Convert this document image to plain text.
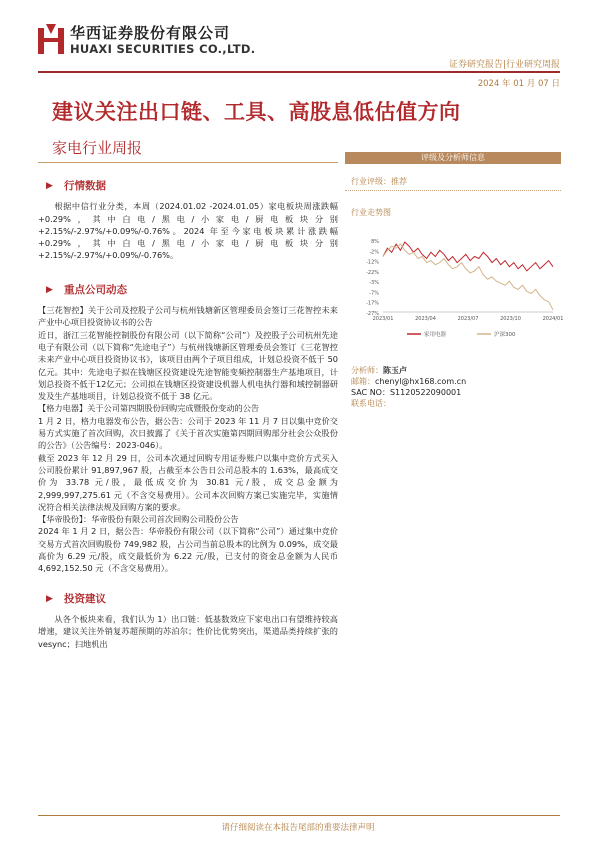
华西证券股份有限公司
HUAXI SECURITIES CO.,LTD.
证券研究报告|行业研究周报
2024 年 01 月 07 日
建议关注出口链、工具、高股息低估值方向
家电行业周报
▶	行情数据

根据中信行业分类，本周（2024.01.02 -2024.01.05）家电板块周涨跌幅+0.29%，其中白电/黑电/小家电/厨电板块分别+2.15%/-2.97%/+0.09%/-0.76%。2024 年至今家电板块累计涨跌幅+0.29%，其中白电/黑电/小家电/厨电板块分别+2.15%/-2.97%/+0.09%/-0.76%。

▶	重点公司动态

【三花智控】关于公司及控股子公司与杭州钱塘新区管理委员会签订三花智控未来产业中心项目投资协议书的公告

近日，浙江三花智能控制股份有限公司（以下简称“公司”）及控股子公司杭州先途电子有限公司（以下简称“先途电子”）与杭州钱塘新区管理委员会签订《三花智控未来产业中心项目投资协议书》，该项目由两个子项目组成，计划总投资不低于 50 亿元。其中：先途电子拟在钱塘区投资建设先途智能变频控制器生产基地项目，计划总投资不低于12亿元；公司拟在钱塘区投资建设机器人机电执行器和域控制器研发及生产基地项目，计划总投资不低于 38 亿元。

【格力电器】关于公司第四期股份回购完成暨股份变动的公告

1 月 2 日，格力电器发布公告，据公告：公司于 2023 年 11 月 7 日以集中竞价交易方式实施了首次回购，次日披露了《关于首次实施第四期回购部分社会公众股份的公告》（公告编号：2023-046）。

截至 2023 年 12 月 29 日，公司本次通过回购专用证券账户以集中竞价方式买入公司股份累计 91,897,967 股，占截至本公告日公司总股本的 1.63%，最高成交价为 33.78 元/股，最低成交价为 30.81 元/股，成交总金额为 2,999,997,275.61 元（不含交易费用）。公司本次回购方案已实施完毕，实施情况符合相关法律法规及回购方案的要求。

【华帝股份】：华帝股份有限公司首次回购公司股份公告

2024 年 1 月 2 日，据公告：华帝股份有限公司（以下简称“公司”）通过集中竞价交易方式首次回购股份 749,982 股，占公司当前总股本的比例为 0.09%，成交最高价为 6.29 元/股，成交最低价为 6.22 元/股，已支付的资金总金额为人民币 4,692,152.50 元（不含交易费用）。

▶	投资建议

从各个板块来看，我们认为 1）出口链：低基数效应下家电出口有望维持较高增速，建议关注外销复苏超预期的苏泊尔；性价比优势突出，渠道品类持续扩张的 vesync；扫地机出

评级及分析师信息
行业评级：推荐
行业走势图
8%
-2%
-12%
-22%
-3%
-7%
-17%
-27%
2023/01	2023/04	2023/07	2023/10	2024/01
家用电器	沪深300
分析师：陈玉卢
邮箱：chenyl@hx168.com.cn
SAC NO：S1120522090001
联系电话：
请仔细阅读在本报告尾部的重要法律声明
